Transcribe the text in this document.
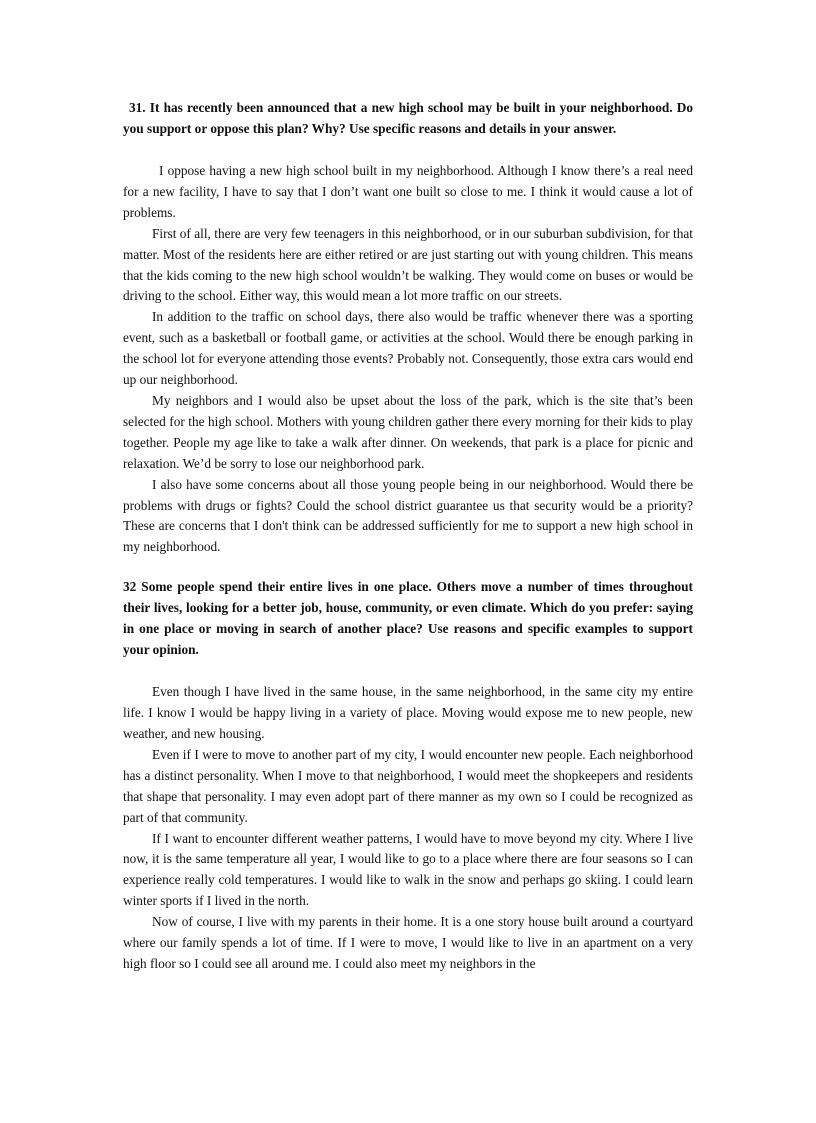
31. It has recently been announced that a new high school may be built in your neighborhood. Do you support or oppose this plan? Why? Use specific reasons and details in your answer.

I oppose having a new high school built in my neighborhood. Although I know there’s a real need for a new facility, I have to say that I don’t want one built so close to me. I think it would cause a lot of problems.

First of all, there are very few teenagers in this neighborhood, or in our suburban subdivision, for that matter. Most of the residents here are either retired or are just starting out with young children. This means that the kids coming to the new high school wouldn’t be walking. They would come on buses or would be driving to the school. Either way, this would mean a lot more traffic on our streets.

In addition to the traffic on school days, there also would be traffic whenever there was a sporting event, such as a basketball or football game, or activities at the school. Would there be enough parking in the school lot for everyone attending those events? Probably not. Consequently, those extra cars would end up our neighborhood.

My neighbors and I would also be upset about the loss of the park, which is the site that’s been selected for the high school. Mothers with young children gather there every morning for their kids to play together. People my age like to take a walk after dinner. On weekends, that park is a place for picnic and relaxation. We’d be sorry to lose our neighborhood park.

I also have some concerns about all those young people being in our neighborhood. Would there be problems with drugs or fights? Could the school district guarantee us that security would be a priority? These are concerns that I don't think can be addressed sufficiently for me to support a new high school in my neighborhood.

32 Some people spend their entire lives in one place. Others move a number of times throughout their lives, looking for a better job, house, community, or even climate. Which do you prefer: saying in one place or moving in search of another place? Use reasons and specific examples to support your opinion.

Even though I have lived in the same house, in the same neighborhood, in the same city my entire life. I know I would be happy living in a variety of place. Moving would expose me to new people, new weather, and new housing.

Even if I were to move to another part of my city, I would encounter new people. Each neighborhood has a distinct personality. When I move to that neighborhood, I would meet the shopkeepers and residents that shape that personality. I may even adopt part of there manner as my own so I could be recognized as part of that community.

If I want to encounter different weather patterns, I would have to move beyond my city. Where I live now, it is the same temperature all year, I would like to go to a place where there are four seasons so I can experience really cold temperatures. I would like to walk in the snow and perhaps go skiing. I could learn winter sports if I lived in the north.

Now of course, I live with my parents in their home. It is a one story house built around a courtyard where our family spends a lot of time. If I were to move, I would like to live in an apartment on a very high floor so I could see all around me. I could also meet my neighbors in the
